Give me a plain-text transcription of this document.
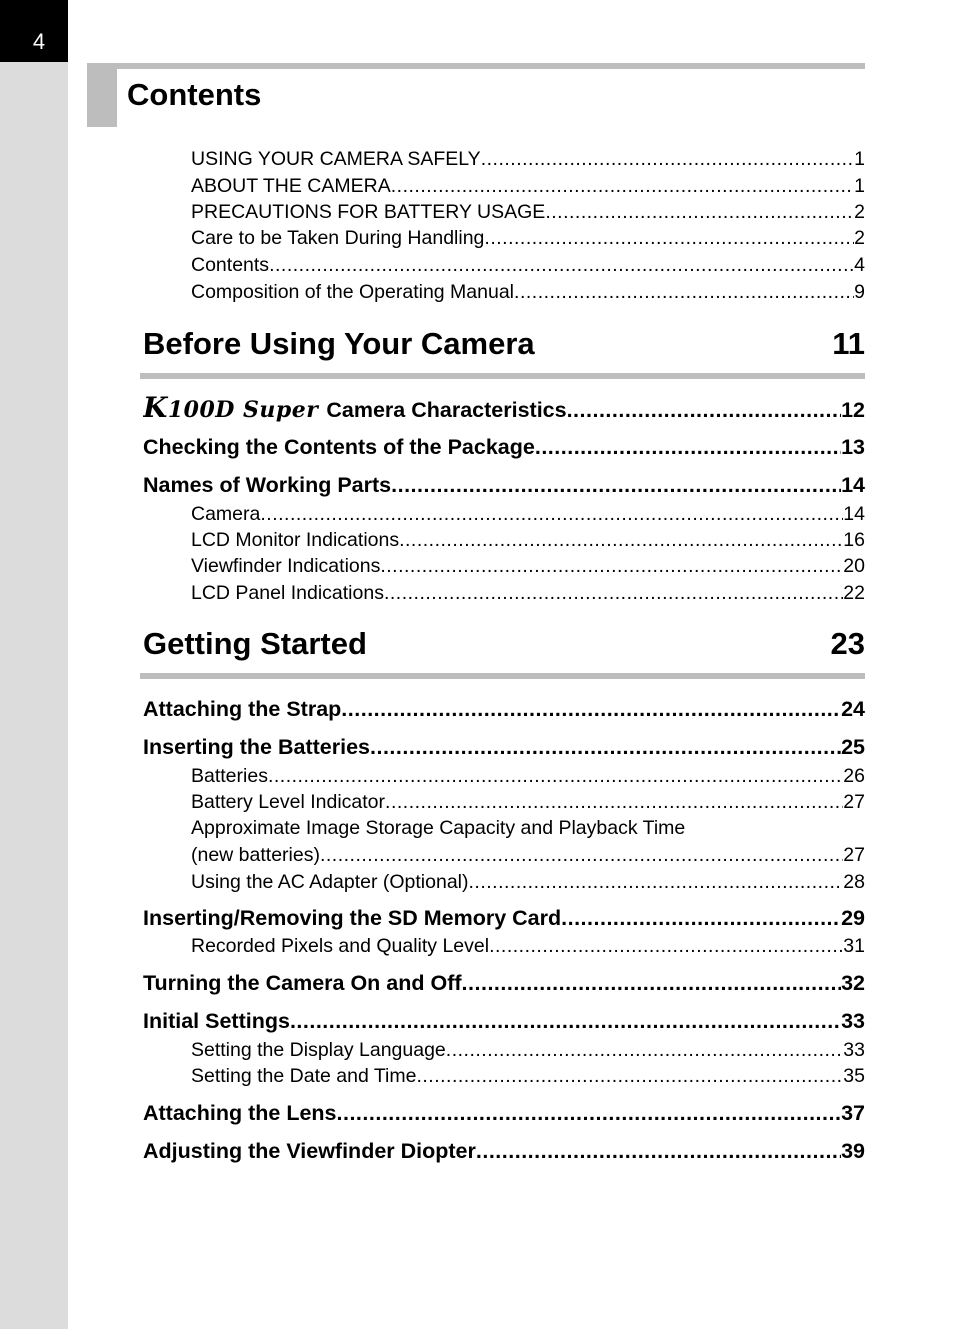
4
Contents
USING YOUR CAMERA SAFELY .....	1
ABOUT THE CAMERA .....	1
PRECAUTIONS FOR BATTERY USAGE .....	2
Care to be Taken During Handling .....	2
Contents .....	4
Composition of the Operating Manual .....	9
Before Using Your Camera	11
K100D Super Camera Characteristics .....	12
Checking the Contents of the Package .....	13
Names of Working Parts .....	14
Camera .....	14
LCD Monitor Indications .....	16
Viewfinder Indications .....	20
LCD Panel Indications .....	22
Getting Started	23
Attaching the Strap .....	24
Inserting the Batteries .....	25
Batteries .....	26
Battery Level Indicator .....	27
Approximate Image Storage Capacity and Playback Time
(new batteries) .....	27
Using the AC Adapter (Optional) .....	28
Inserting/Removing the SD Memory Card .....	29
Recorded Pixels and Quality Level .....	31
Turning the Camera On and Off .....	32
Initial Settings .....	33
Setting the Display Language .....	33
Setting the Date and Time .....	35
Attaching the Lens .....	37
Adjusting the Viewfinder Diopter .....	39
